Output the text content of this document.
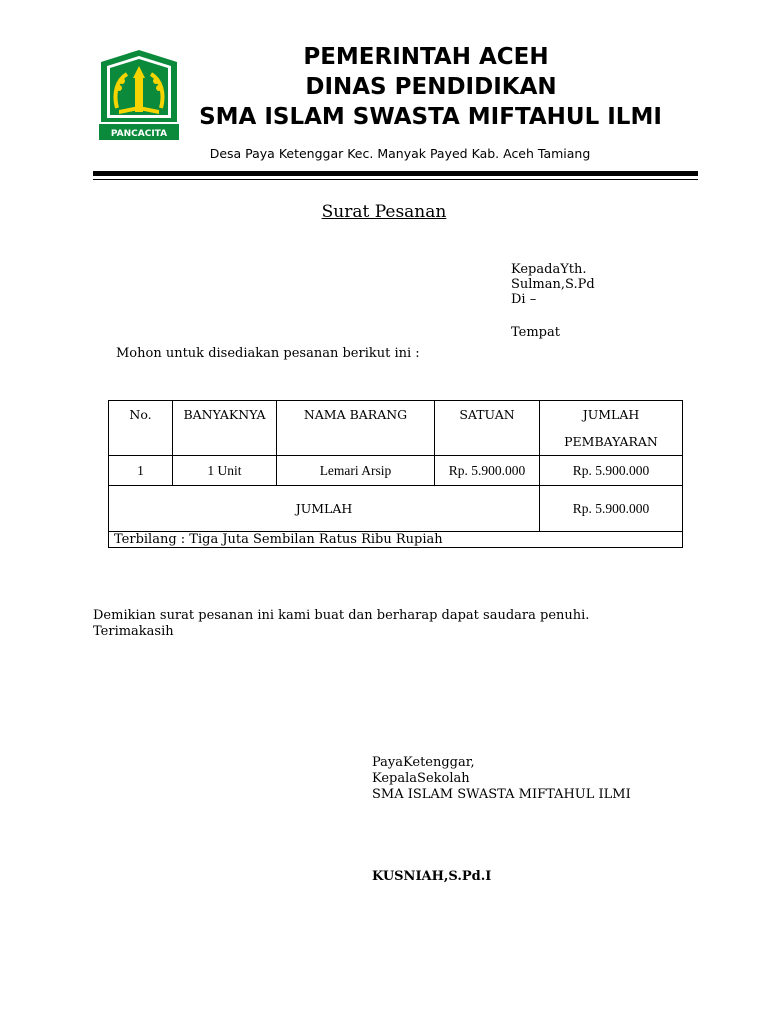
PANCACITA
PEMERINTAH ACEH
DINAS PENDIDIKAN
SMA ISLAM SWASTA MIFTAHUL ILMI
Desa Paya Ketenggar Kec. Manyak Payed Kab. Aceh Tamiang
Surat Pesanan
KepadaYth.
Sulman,S.Pd
Di –
Tempat
Mohon untuk disediakan pesanan berikut ini :
No.	BANYAKNYA	NAMA BARANG	SATUAN	JUMLAH PEMBAYARAN
1	1 Unit	Lemari Arsip	Rp. 5.900.000	Rp. 5.900.000
JUMLAH				Rp. 5.900.000
Terbilang : Tiga Juta Sembilan Ratus Ribu Rupiah				
Demikian surat pesanan ini kami buat dan berharap dapat saudara penuhi.
Terimakasih
PayaKetenggar,
KepalaSekolah
SMA ISLAM SWASTA MIFTAHUL ILMI
KUSNIAH,S.Pd.I
